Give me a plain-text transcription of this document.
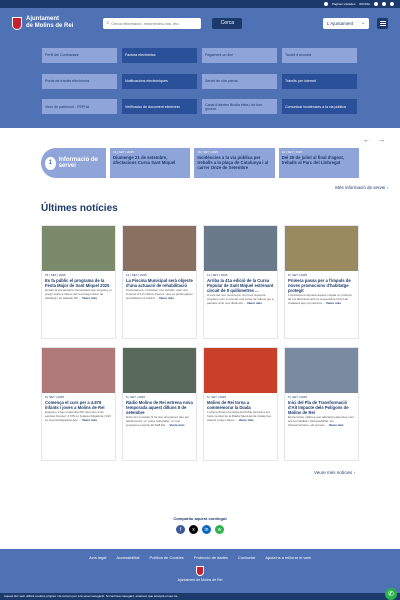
Pàgines visitades IDIOMA
Ajuntament
de Molins de Rei	⌕
Cerca informació, reconeixeu-nos, etc.	Cerca	L'Ajuntament ⌄
Perfil del Contractant	Factura electrònica	Pagament on-line	Taulell d'anuncis
Portal de tràmits electrònics	Notificacions electròniques	Servei de cita prèvia	Tràmits per internet
Visor de patrimoni - PEPHA	Verificador de document electrònic
Canal d'alertes Bústia ètica i de bon govern
Comunicar incidències a la via pública
← →
1	Informació de servei
16 | SET | 2025
Diumenge 21 de setembre, afectacions Cursa Sant Miquel
16 | SET | 2025
Incidències a la via pública per treballs a la plaça de Catalunya i al carrer Onze de Setembre
16 | SET | 2025
Del 29 de juliol al final d'agost, treballs al Parc del Llobregat
Més informació de servei ›
Últimes notícies
15 | SET | 2025
Es fa públic el programa de la Festa Major de Sant Miquel 2025
Durant la presentació s'anunciava que enguany el pregó aniria a càrrec del reconegut actor de doblatge i bo adaptat del ... Veure més
12 | SET | 2025
La Piscina Municipal serà objecte d'una actuació de rehabilitació
Properament, s'iniciaran uns treballs, amb una inversió d'1,3 milions d'euros, que es perllongaran previsiblement durant ... Veure més
11 | SET | 2025
Arriba la 41a edició de la Cursa Popular de Sant Miquel estrenant circuit de 5 quilòmetres ...
A més del nou recorregut, la prova presenta enguany com a novetat una cursa de relleus per a parelles amb una distància ... Veure més
8 | SET | 2025
Primera passa per a l'impuls de noves promocions d'habitatge protegit
L'Ajuntament signava aquest migdia un protocol de col·laboració amb la cooperativa Unió Llar Catalana que permetrà la ... Veure més
8 | SET | 2025
Comença el curs per a 4.876 infants i joves a Molins de Rei
Enguany s'han matriculat 287 alumnes a les escoles bressol, 3.679 en l'etapa obligatòria i 943 en la postobligatòria Aqu ... Veure més
5 | SET | 2025
Ràdio Molins de Rei estrena nova temporada aquest dilluns 8 de setembre
Entre les novetats hi ha dos programes fets per adolescents, un sobre fotografia i un nou programa esportiu El dia8 Els ... Veure més
5 | SET | 2025
Molins de Rei torna a commemorar la Diada
L'ofrena floral a la plaça del Poble tornarà a ser l'acte central de la Diada Nacional de Catalunya Aquest proper dijous ... Veure més
5 | SET | 2025
Inici del Pla de Transformació d'Alt Impacte dels Polígons de Molins de Rei
El pla inclou millores que afectaran aspectes com ara la mobilitat i l'accessibilitat, les infraestructures, els serveis ... Veure més
Veure més notícies ›
Compartiu aquest contingut
f	x	in	w
Avís legal	Accessibilitat	Política de Cookies	Protecció de dades	Contactar	Ajuda'ns a millorar el web
Ajuntament de Molins de Rei
Aquest lloc web utilitza cookies pròpies i de tercers per a la seva navegació. Si continua navegant, entenem que accepta el seu ús.	✆
